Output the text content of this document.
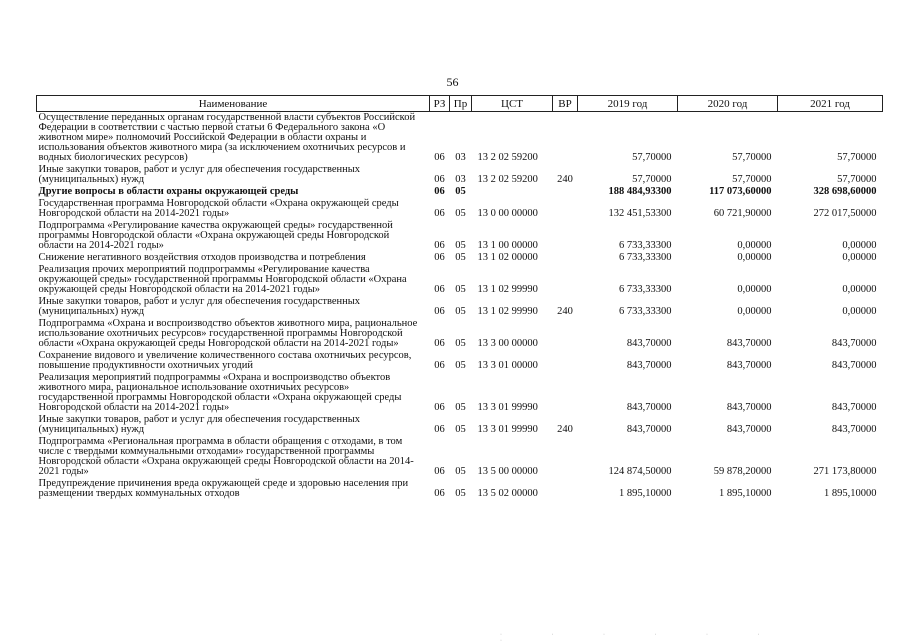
56
Наименование	РЗ	Пр	ЦСТ	ВР	2019 год	2020 год	2021 год
Осуществление переданных органам государственной власти субъектов Российской Федерации в соответствии с частью первой статьи 6 Федерального закона «О животном мире» полномочий Российской Федерации в области охраны и использования объектов животного мира (за исключением охотничьих ресурсов и водных биологических ресурсов)	06	03	13 2 02 59200		57,70000	57,70000	57,70000
Иные закупки товаров, работ и услуг для обеспечения государственных (муниципальных) нужд	06	03	13 2 02 59200	240	57,70000	57,70000	57,70000
Другие вопросы в области охраны окружающей среды	06	05			188 484,93300	117 073,60000	328 698,60000
Государственная программа Новгородской области «Охрана окружающей среды Новгородской области на 2014-2021 годы»	06	05	13 0 00 00000		132 451,53300	60 721,90000	272 017,50000
Подпрограмма «Регулирование качества окружающей среды» государственной программы Новгородской области «Охрана окружающей среды Новгородской области на 2014-2021 годы»	06	05	13 1 00 00000		6 733,33300	0,00000	0,00000
Снижение негативного воздействия отходов производства и потребления	06	05	13 1 02 00000		6 733,33300	0,00000	0,00000
Реализация прочих мероприятий подпрограммы «Регулирование качества окружающей среды» государственной программы Новгородской области «Охрана окружающей среды Новгородской области на 2014-2021 годы»	06	05	13 1 02 99990		6 733,33300	0,00000	0,00000
Иные закупки товаров, работ и услуг для обеспечения государственных (муниципальных) нужд	06	05	13 1 02 99990	240	6 733,33300	0,00000	0,00000
Подпрограмма «Охрана и воспроизводство объектов животного мира, рациональное использование охотничьих ресурсов» государственной программы Новгородской области «Охрана окружающей среды Новгородской области на 2014-2021 годы»	06	05	13 3 00 00000		843,70000	843,70000	843,70000
Сохранение видового и увеличение количественного состава охотничьих ресурсов, повышение продуктивности охотничьих угодий	06	05	13 3 01 00000		843,70000	843,70000	843,70000
Реализация мероприятий подпрограммы «Охрана и воспроизводство объектов животного мира, рациональное использование охотничьих ресурсов» государственной программы Новгородской области «Охрана окружающей среды Новгородской области на 2014-2021 годы»	06	05	13 3 01 99990		843,70000	843,70000	843,70000
Иные закупки товаров, работ и услуг для обеспечения государственных (муниципальных) нужд	06	05	13 3 01 99990	240	843,70000	843,70000	843,70000
Подпрограмма «Региональная программа в области обращения с отходами, в том числе с твердыми коммунальными отходами» государственной программы Новгородской области «Охрана окружающей среды Новгородской области на 2014-2021 годы»	06	05	13 5 00 00000		124 874,50000	59 878,20000	271 173,80000
Предупреждение причинения вреда окружающей среде и здоровью населения при размещении твердых коммунальных отходов	06	05	13 5 02 00000		1 895,10000	1 895,10000	1 895,10000
· · · · · · ·
